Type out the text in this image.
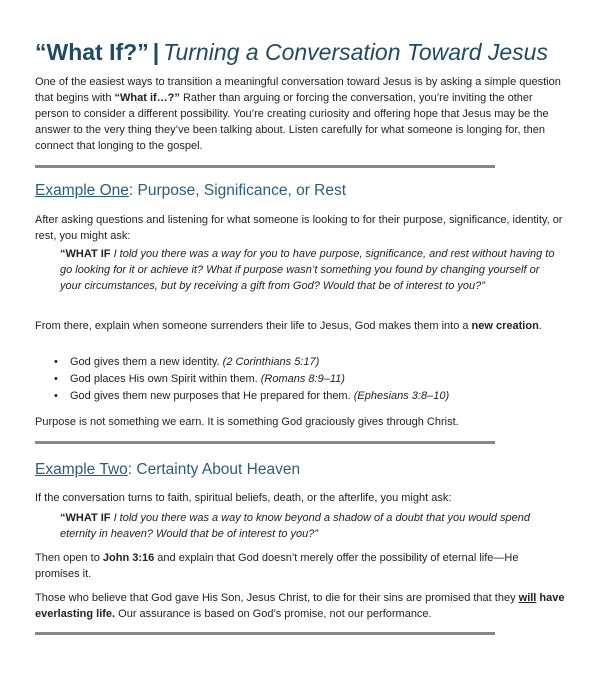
“What If?” | Turning a Conversation Toward Jesus

One of the easiest ways to transition a meaningful conversation toward Jesus is by asking a simple question that begins with “What if…?” Rather than arguing or forcing the conversation, you’re inviting the other person to consider a different possibility. You’re creating curiosity and offering hope that Jesus may be the answer to the very thing they’ve been talking about. Listen carefully for what someone is longing for, then connect that longing to the gospel.

Example One: Purpose, Significance, or Rest

After asking questions and listening for what someone is looking to for their purpose, significance, identity, or rest, you might ask:

“WHAT IF I told you there was a way for you to have purpose, significance, and rest without having to go looking for it or achieve it? What if purpose wasn’t something you found by changing yourself or your circumstances, but by receiving a gift from God? Would that be of interest to you?”

From there, explain when someone surrenders their life to Jesus, God makes them into a new creation.

• God gives them a new identity. (2 Corinthians 5:17)
• God places His own Spirit within them. (Romans 8:9–11)
• God gives them new purposes that He prepared for them. (Ephesians 3:8–10)

Purpose is not something we earn. It is something God graciously gives through Christ.

Example Two: Certainty About Heaven

If the conversation turns to faith, spiritual beliefs, death, or the afterlife, you might ask:

“WHAT IF I told you there was a way to know beyond a shadow of a doubt that you would spend eternity in heaven? Would that be of interest to you?”

Then open to John 3:16 and explain that God doesn’t merely offer the possibility of eternal life—He promises it.

Those who believe that God gave His Son, Jesus Christ, to die for their sins are promised that they will have everlasting life. Our assurance is based on God’s promise, not our performance.
